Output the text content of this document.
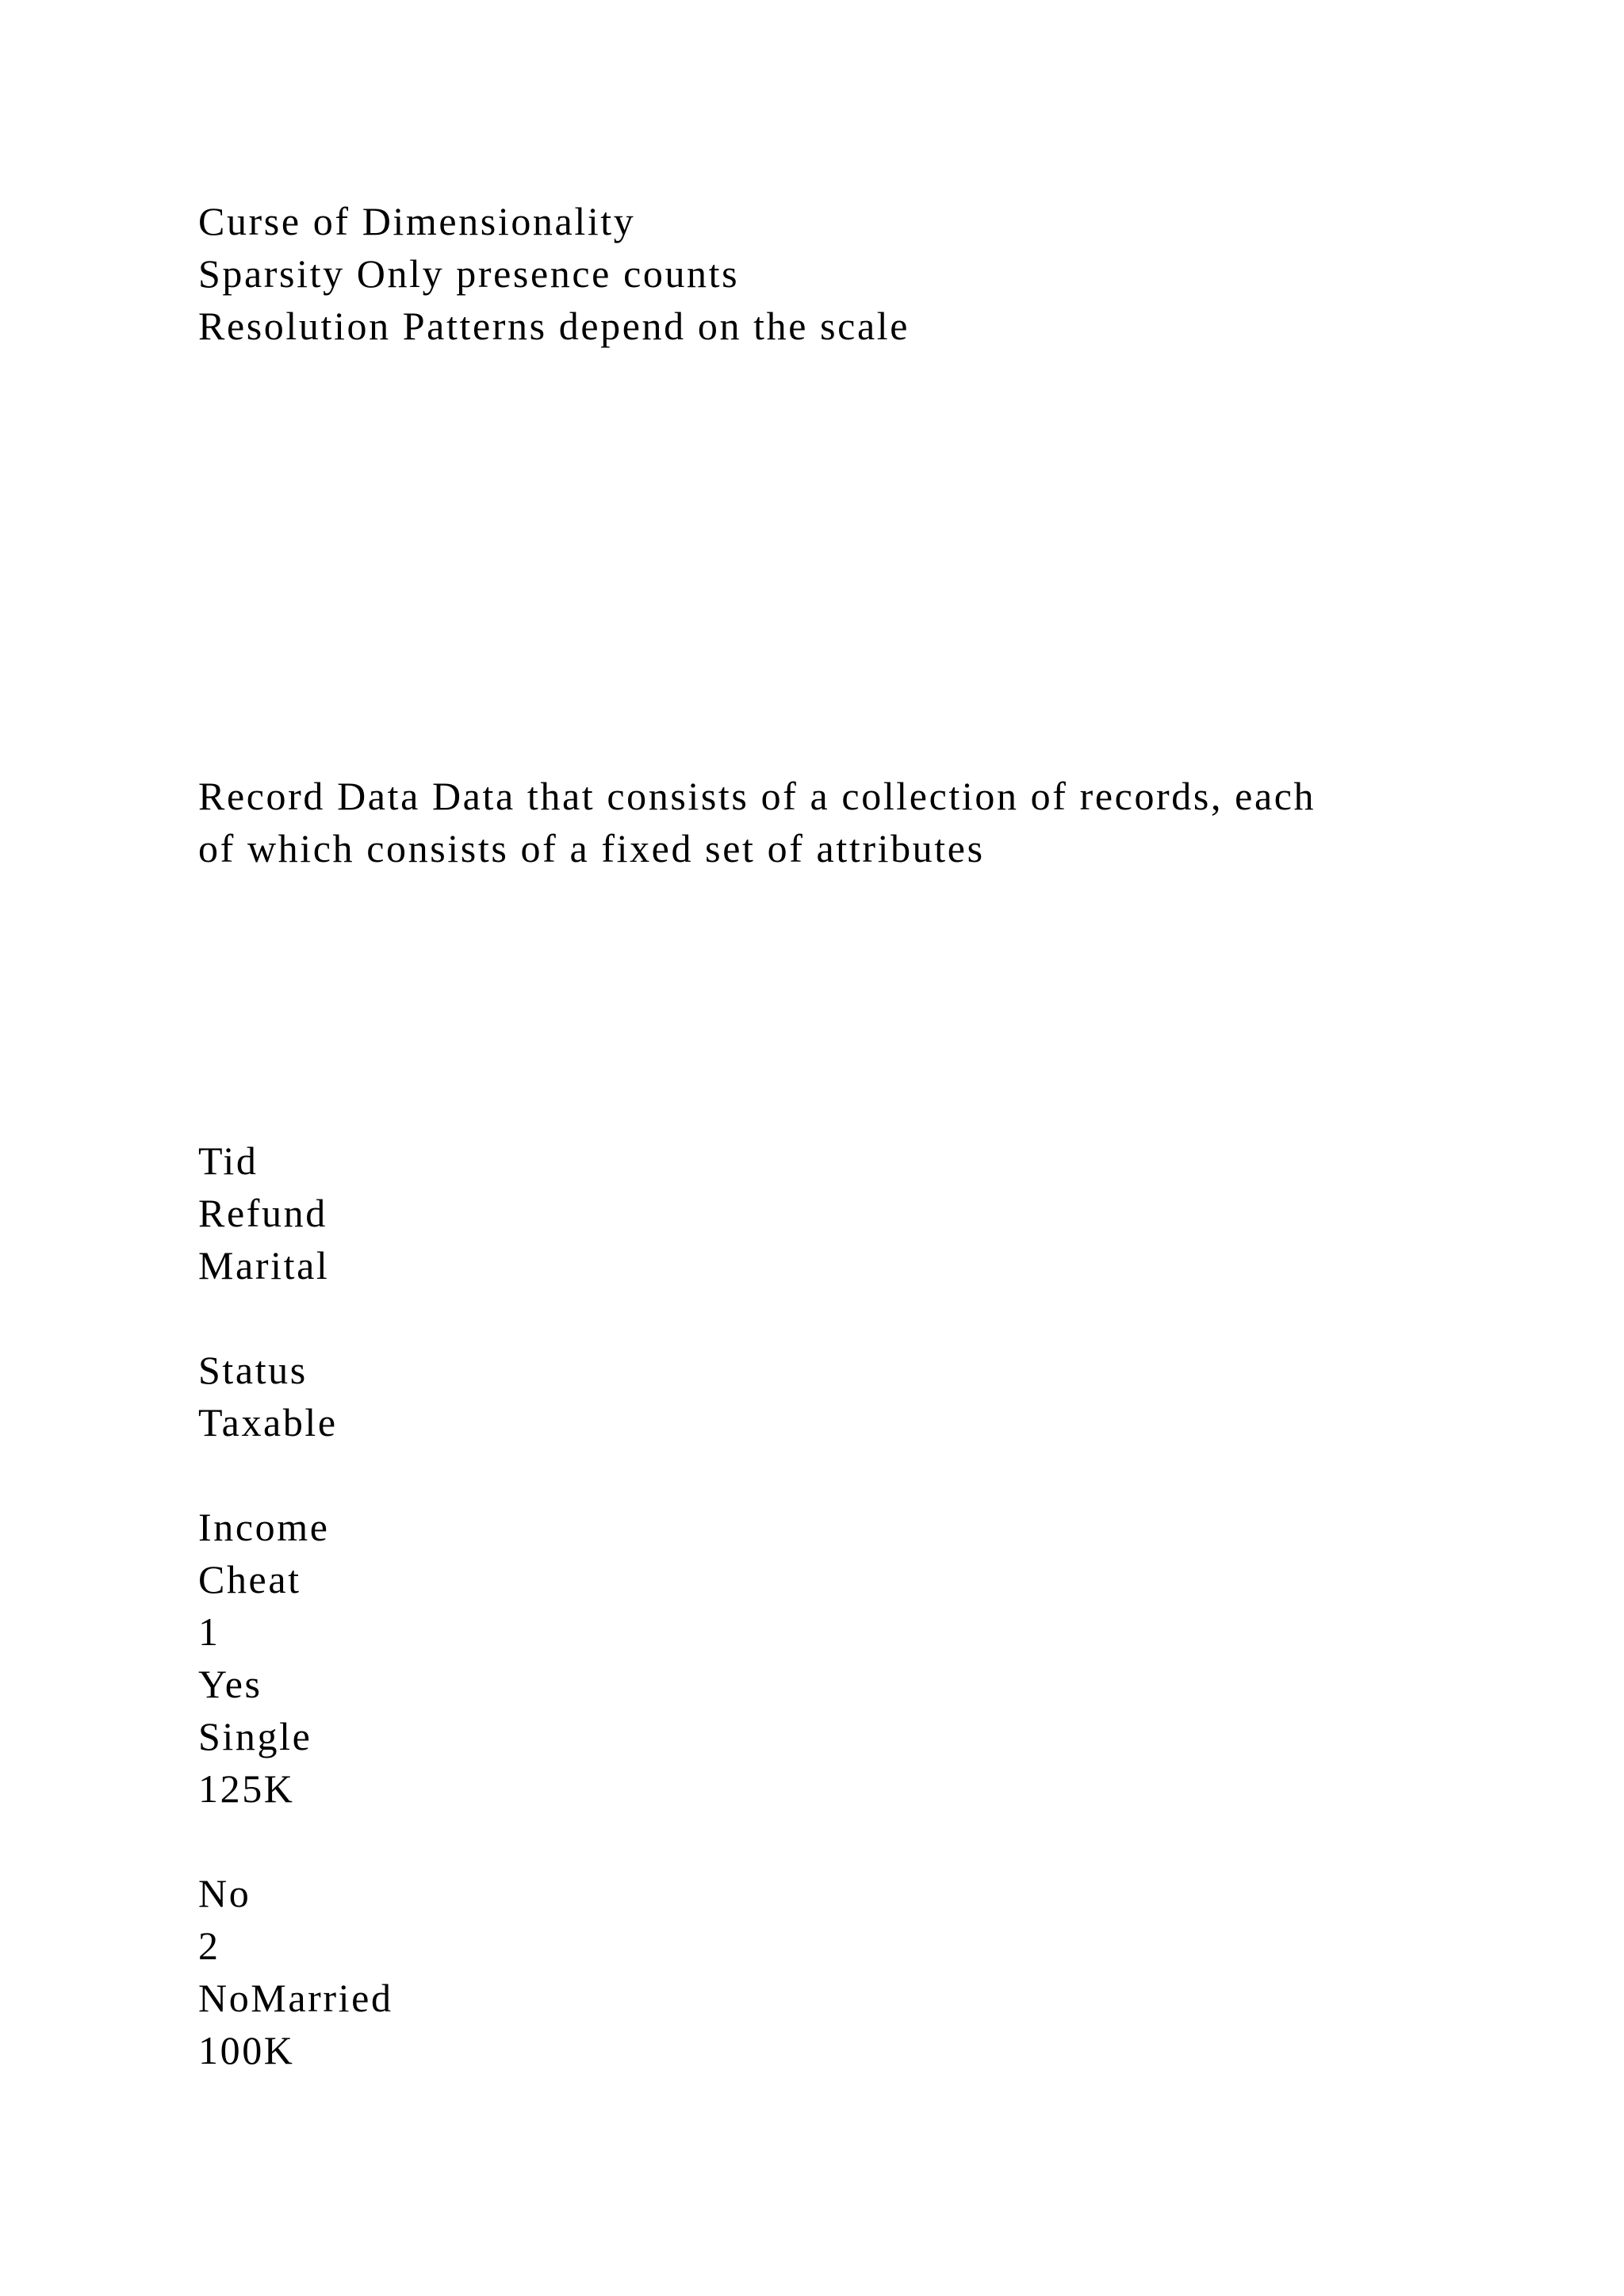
Curse of Dimensionality
Sparsity Only presence counts
Resolution Patterns depend on the scale
Record Data Data that consists of a collection of records, each
of which consists of a fixed set of attributes
Tid
Refund
Marital
Status
Taxable
Income
Cheat
1
Yes
Single
125K
No
2
NoMarried
100K
